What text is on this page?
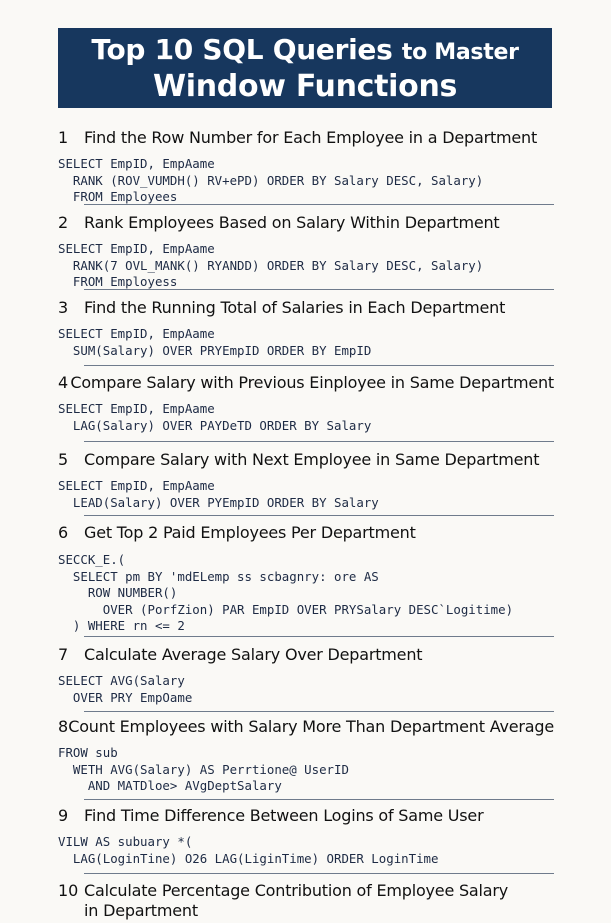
Top 10 SQL Queries to Master
Window Functions
1 Find the Row Number for Each Employee in a Department
SELECT EmpID, EmpAame
RANK (ROV_VUMDH() RV+ePD) ORDER BY Salary DESC, Salary)
FROM Employees
2 Rank Employees Based on Salary Within Department
SELECT EmpID, EmpAame
RANK(7 OVL_MANK() RYANDD) ORDER BY Salary DESC, Salary)
FROM Employess
3 Find the Running Total of Salaries in Each Department
SELECT EmpID, EmpAame
SUM(Salary) OVER PRYEmpID ORDER BY EmpID
4 Compare Salary with Previous Einployee in Same Department
SELECT EmpID, EmpAame
LAG(Salary) OVER PAYDeTD ORDER BY Salary
5 Compare Salary with Next Employee in Same Department
SELECT EmpID, EmpAame
LEAD(Salary) OVER PYEmpID ORDER BY Salary
6 Get Top 2 Paid Employees Per Department
SECCK_E.(
SELECT pm BY 'mdELemp ss scbagnry: ore AS
ROW NUMBER()
OVER (PorfZion) PAR EmpID OVER PRYSalary DESC`Logitime)
) WHERE rn <= 2
7 Calculate Average Salary Over Department
SELECT AVG(Salary
OVER PRY EmpOame
8 Count Employees with Salary More Than Department Average
FROW sub
WETH AVG(Salary) AS Perrtione@ UserID
AND MATDloe> AVgDeptSalary
9 Find Time Difference Between Logins of Same User
VILW AS subuary *(
LAG(LoginTine) O26 LAG(LiginTime) ORDER LoginTime
10 Calculate Percentage Contribution of Employee Salary
in Department
